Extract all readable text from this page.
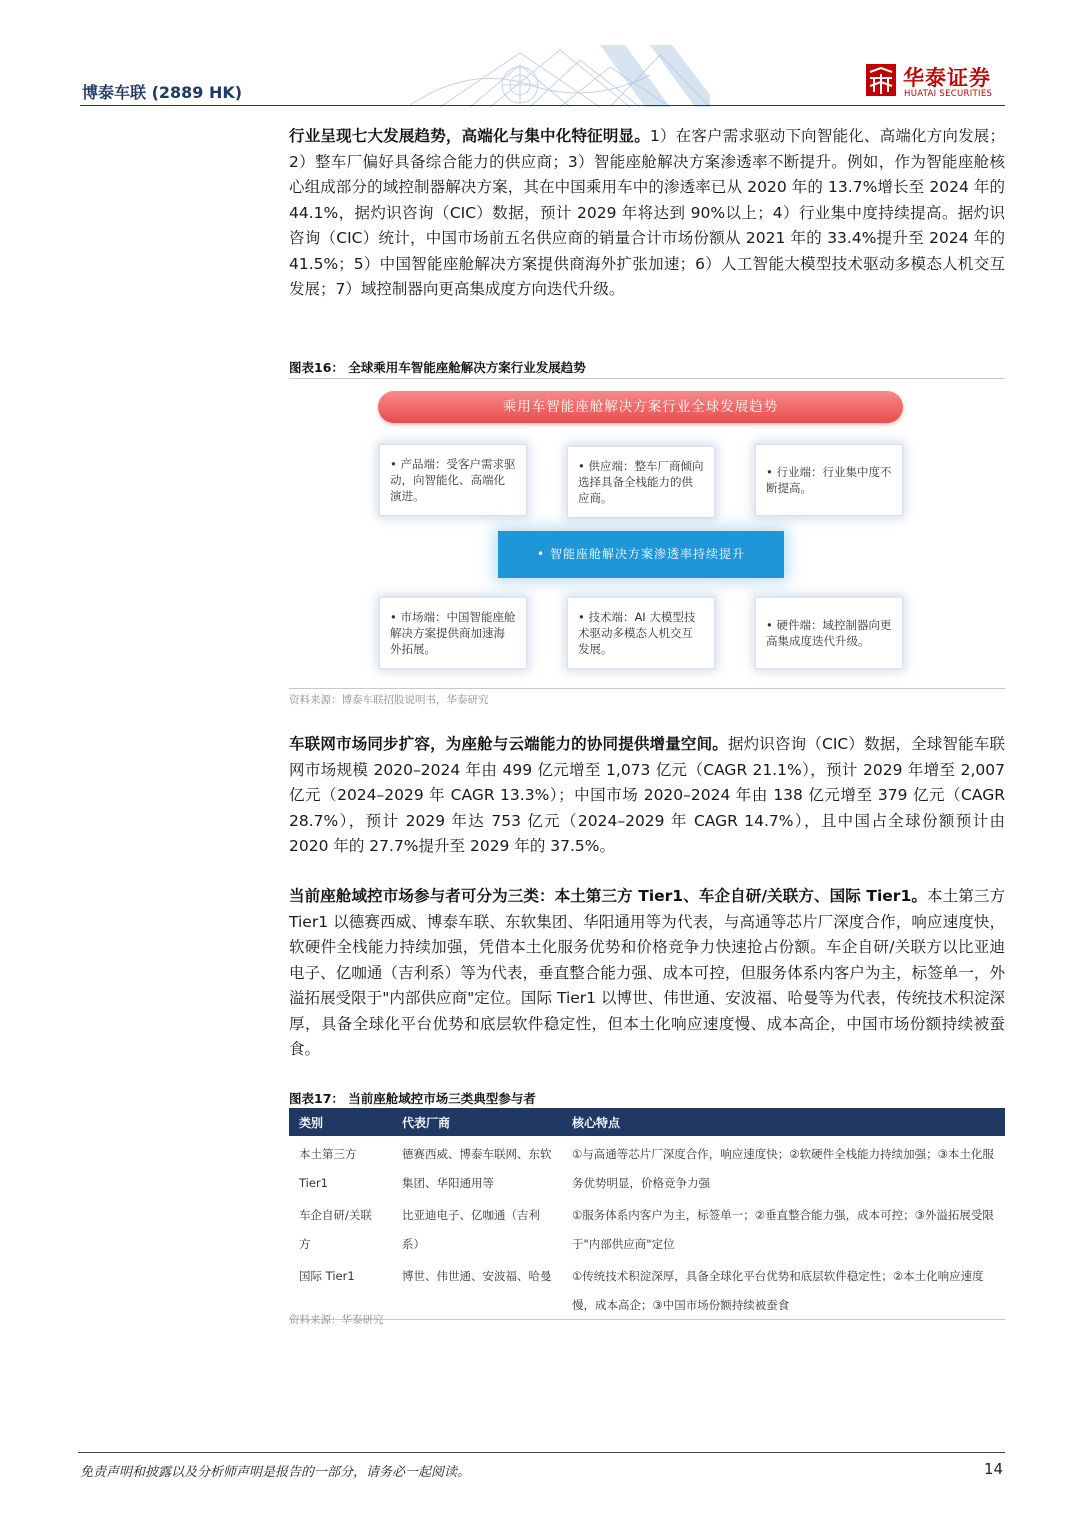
博泰车联 (2889 HK)
华泰证券
HUATAI SECURITIES
行业呈现七大发展趋势，高端化与集中化特征明显。1）在客户需求驱动下向智能化、高端化方向发展；2）整车厂偏好具备综合能力的供应商；3）智能座舱解决方案渗透率不断提升。例如，作为智能座舱核心组成部分的域控制器解决方案，其在中国乘用车中的渗透率已从 2020 年的 13.7%增长至 2024 年的 44.1%，据灼识咨询（CIC）数据，预计 2029 年将达到 90%以上；4）行业集中度持续提高。据灼识咨询（CIC）统计，中国市场前五名供应商的销量合计市场份额从 2021 年的 33.4%提升至 2024 年的 41.5%；5）中国智能座舱解决方案提供商海外扩张加速；6）人工智能大模型技术驱动多模态人机交互发展；7）域控制器向更高集成度方向迭代升级。
图表16： 全球乘用车智能座舱解决方案行业发展趋势
乘用车智能座舱解决方案行业全球发展趋势
• 产品端：受客户需求驱动，向智能化、高端化演进。
• 供应端：整车厂商倾向选择具备全栈能力的供应商。
• 行业端：行业集中度不断提高。
• 智能座舱解决方案渗透率持续提升
• 市场端：中国智能座舱解决方案提供商加速海外拓展。
• 技术端：AI 大模型技术驱动多模态人机交互发展。
• 硬件端：域控制器向更高集成度迭代升级。
资料来源：博泰车联招股说明书，华泰研究
车联网市场同步扩容，为座舱与云端能力的协同提供增量空间。据灼识咨询（CIC）数据，全球智能车联网市场规模 2020–2024 年由 499 亿元增至 1,073 亿元（CAGR 21.1%），预计 2029 年增至 2,007 亿元（2024–2029 年 CAGR 13.3%）；中国市场 2020–2024 年由 138 亿元增至 379 亿元（CAGR 28.7%），预计 2029 年达 753 亿元（2024–2029 年 CAGR 14.7%），且中国占全球份额预计由 2020 年的 27.7%提升至 2029 年的 37.5%。
当前座舱域控市场参与者可分为三类：本土第三方 Tier1、车企自研/关联方、国际 Tier1。本土第三方 Tier1 以德赛西威、博泰车联、东软集团、华阳通用等为代表，与高通等芯片厂深度合作，响应速度快，软硬件全栈能力持续加强，凭借本土化服务优势和价格竞争力快速抢占份额。车企自研/关联方以比亚迪电子、亿咖通（吉利系）等为代表，垂直整合能力强、成本可控，但服务体系内客户为主，标签单一，外溢拓展受限于"内部供应商"定位。国际 Tier1 以博世、伟世通、安波福、哈曼等为代表，传统技术积淀深厚，具备全球化平台优势和底层软件稳定性，但本土化响应速度慢、成本高企，中国市场份额持续被蚕食。
图表17： 当前座舱域控市场三类典型参与者
类别	代表厂商	核心特点
本土第三方 Tier1	德赛西威、博泰车联网、东软集团、华阳通用等	①与高通等芯片厂深度合作，响应速度快；②软硬件全栈能力持续加强；③本土化服务优势明显，价格竞争力强
车企自研/关联方	比亚迪电子、亿咖通（吉利系）	①服务体系内客户为主，标签单一；②垂直整合能力强，成本可控；③外溢拓展受限于"内部供应商"定位
国际 Tier1	博世、伟世通、安波福、哈曼	①传统技术积淀深厚，具备全球化平台优势和底层软件稳定性；②本土化响应速度慢，成本高企；③中国市场份额持续被蚕食
资料来源：华泰研究
免责声明和披露以及分析师声明是报告的一部分，请务必一起阅读。	14
